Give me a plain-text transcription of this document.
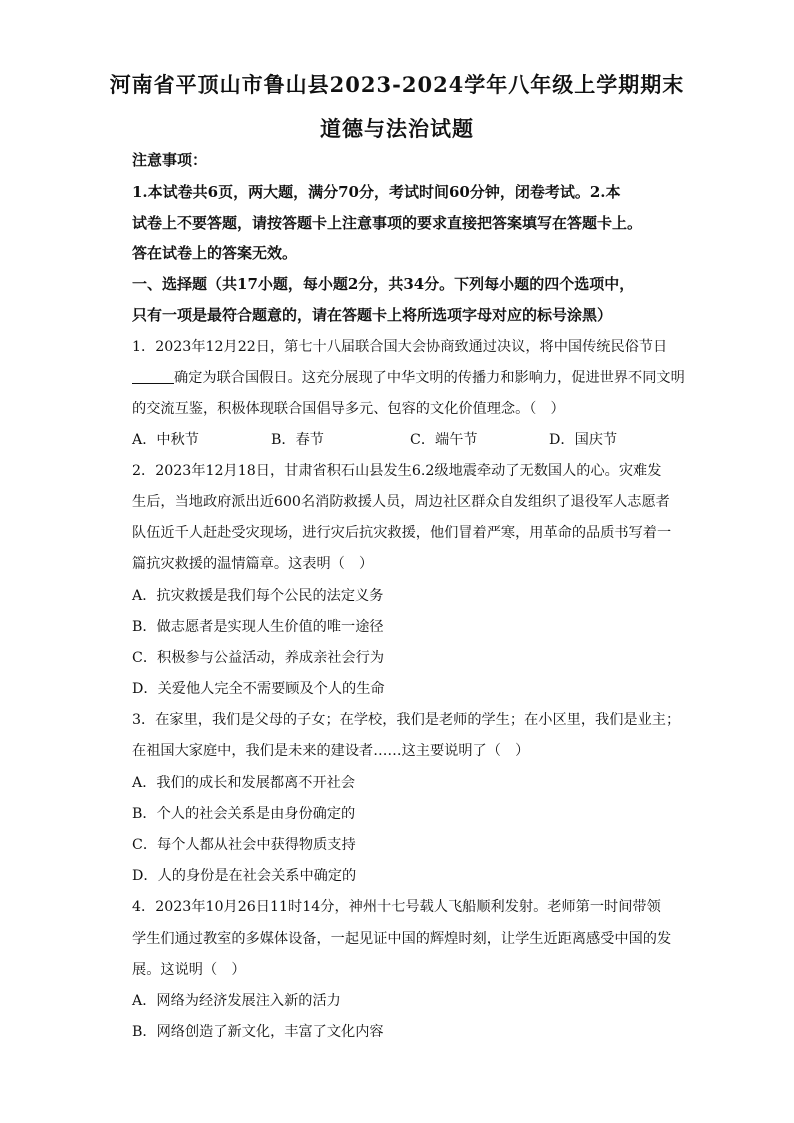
河南省平顶山市鲁山县2023-2024学年八年级上学期期末
道德与法治试题
注意事项：
1.本试卷共6页，两大题，满分70分，考试时间60分钟，闭卷考试。2.本
试卷上不要答题，请按答题卡上注意事项的要求直接把答案填写在答题卡上。
答在试卷上的答案无效。
一、选择题（共17小题，每小题2分，共34分。下列每小题的四个选项中，
只有一项是最符合题意的，请在答题卡上将所选项字母对应的标号涂黑）
1．2023年12月22日，第七十八届联合国大会协商致通过决议，将中国传统民俗节日
确定为联合国假日。这充分展现了中华文明的传播力和影响力，促进世界不同文明
的交流互鉴，积极体现联合国倡导多元、包容的文化价值理念。（　）
A．中秋节	B．春节	C．端午节	D．国庆节
2．2023年12月18日，甘肃省积石山县发生6.2级地震牵动了无数国人的心。灾难发
生后，当地政府派出近600名消防救援人员，周边社区群众自发组织了退役军人志愿者
队伍近千人赶赴受灾现场，进行灾后抗灾救援，他们冒着严寒，用革命的品质书写着一
篇抗灾救援的温情篇章。这表明（　）
A．抗灾救援是我们每个公民的法定义务
B．做志愿者是实现人生价值的唯一途径
C．积极参与公益活动，养成亲社会行为
D．关爱他人完全不需要顾及个人的生命
3．在家里，我们是父母的子女；在学校，我们是老师的学生；在小区里，我们是业主；
在祖国大家庭中，我们是未来的建设者……这主要说明了（　）
A．我们的成长和发展都离不开社会
B．个人的社会关系是由身份确定的
C．每个人都从社会中获得物质支持
D．人的身份是在社会关系中确定的
4．2023年10月26日11时14分，神州十七号载人飞船顺利发射。老师第一时间带领
学生们通过教室的多媒体设备，一起见证中国的辉煌时刻，让学生近距离感受中国的发
展。这说明（　）
A．网络为经济发展注入新的活力
B．网络创造了新文化，丰富了文化内容
